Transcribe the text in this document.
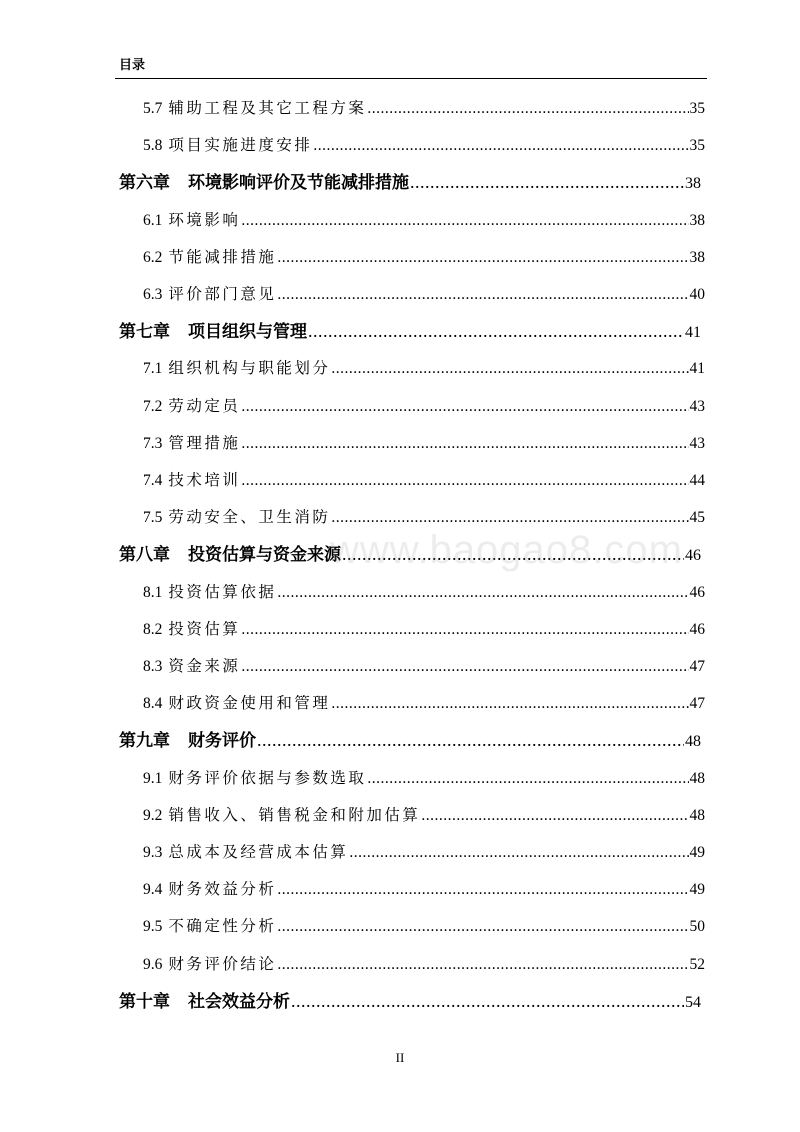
目录
5.7 辅助工程及其它工程方案 .....	35
5.8 项目实施进度安排 .....	35
第六章 环境影响评价及节能减排措施 .....	38
6.1 环境影响 .....	38
6.2 节能减排措施 .....	38
6.3 评价部门意见 .....	40
第七章 项目组织与管理 .....	41
7.1 组织机构与职能划分 .....	41
7.2 劳动定员 .....	43
7.3 管理措施 .....	43
7.4 技术培训 .....	44
7.5 劳动安全、卫生消防 .....	45
第八章 投资估算与资金来源 .....	46
8.1 投资估算依据 .....	46
8.2 投资估算 .....	46
8.3 资金来源 .....	47
8.4 财政资金使用和管理 .....	47
第九章 财务评价 .....	48
9.1 财务评价依据与参数选取 .....	48
9.2 销售收入、销售税金和附加估算 .....	48
9.3 总成本及经营成本估算 .....	49
9.4 财务效益分析 .....	49
9.5 不确定性分析 .....	50
9.6 财务评价结论 .....	52
第十章 社会效益分析 .....	54
www.baogao8.com
II
